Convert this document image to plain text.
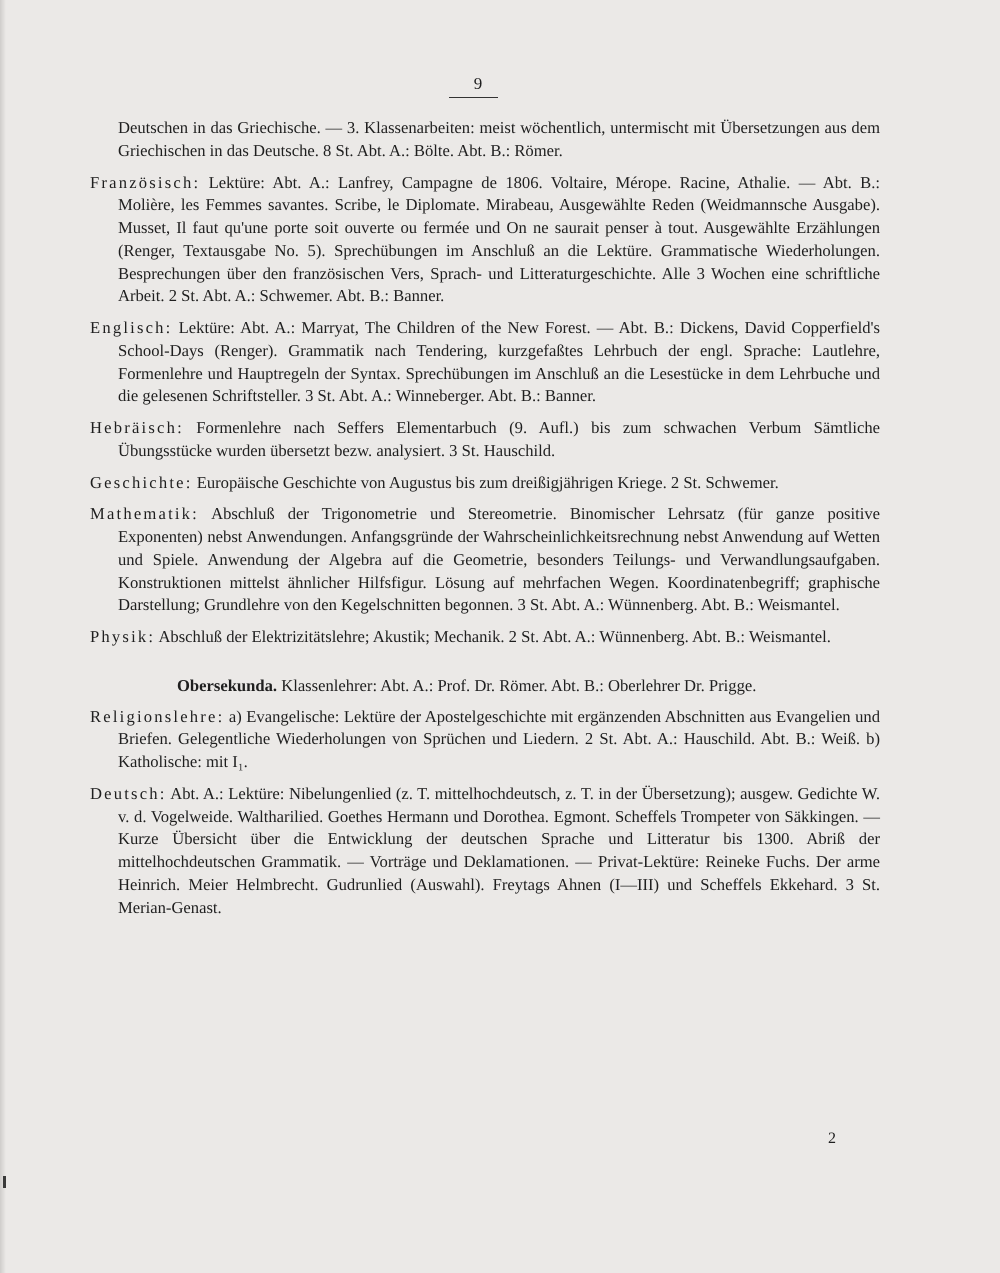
9

Deutschen in das Griechische. — 3. Klassenarbeiten: meist wöchentlich, untermischt mit Übersetzungen aus dem Griechischen in das Deutsche. 8 St. Abt. A.: Bölte. Abt. B.: Römer.

Französisch: Lektüre: Abt. A.: Lanfrey, Campagne de 1806. Voltaire, Mérope. Racine, Athalie. — Abt. B.: Molière, les Femmes savantes. Scribe, le Diplomate. Mirabeau, Ausgewählte Reden (Weidmannsche Ausgabe). Musset, Il faut qu'une porte soit ouverte ou fermée und On ne saurait penser à tout. Ausgewählte Erzählungen (Renger, Textausgabe No. 5). Sprechübungen im Anschluß an die Lektüre. Grammatische Wiederholungen. Besprechungen über den französischen Vers, Sprach- und Litteraturgeschichte. Alle 3 Wochen eine schriftliche Arbeit. 2 St. Abt. A.: Schwemer. Abt. B.: Banner.

Englisch: Lektüre: Abt. A.: Marryat, The Children of the New Forest. — Abt. B.: Dickens, David Copperfield's School-Days (Renger). Grammatik nach Tendering, kurzgefaßtes Lehrbuch der engl. Sprache: Lautlehre, Formenlehre und Hauptregeln der Syntax. Sprechübungen im Anschluß an die Lesestücke in dem Lehrbuche und die gelesenen Schriftsteller. 3 St. Abt. A.: Winneberger. Abt. B.: Banner.

Hebräisch: Formenlehre nach Seffers Elementarbuch (9. Aufl.) bis zum schwachen Verbum Sämtliche Übungsstücke wurden übersetzt bezw. analysiert. 3 St. Hauschild.

Geschichte: Europäische Geschichte von Augustus bis zum dreißigjährigen Kriege. 2 St. Schwemer.

Mathematik: Abschluß der Trigonometrie und Stereometrie. Binomischer Lehrsatz (für ganze positive Exponenten) nebst Anwendungen. Anfangsgründe der Wahrscheinlichkeitsrechnung nebst Anwendung auf Wetten und Spiele. Anwendung der Algebra auf die Geometrie, besonders Teilungs- und Verwandlungsaufgaben. Konstruktionen mittelst ähnlicher Hilfsfigur. Lösung auf mehrfachen Wegen. Koordinatenbegriff; graphische Darstellung; Grundlehre von den Kegelschnitten begonnen. 3 St. Abt. A.: Wünnenberg. Abt. B.: Weismantel.

Physik: Abschluß der Elektrizitätslehre; Akustik; Mechanik. 2 St. Abt. A.: Wünnenberg. Abt. B.: Weismantel.

Obersekunda. Klassenlehrer: Abt. A.: Prof. Dr. Römer. Abt. B.: Oberlehrer Dr. Prigge.

Religionslehre: a) Evangelische: Lektüre der Apostelgeschichte mit ergänzenden Abschnitten aus Evangelien und Briefen. Gelegentliche Wiederholungen von Sprüchen und Liedern. 2 St. Abt. A.: Hauschild. Abt. B.: Weiß. b) Katholische: mit I₁.

Deutsch: Abt. A.: Lektüre: Nibelungenlied (z. T. mittelhochdeutsch, z. T. in der Übersetzung); ausgew. Gedichte W. v. d. Vogelweide. Waltharilied. Goethes Hermann und Dorothea. Egmont. Scheffels Trompeter von Säkkingen. — Kurze Übersicht über die Entwicklung der deutschen Sprache und Litteratur bis 1300. Abriß der mittelhochdeutschen Grammatik. — Vorträge und Deklamationen. — Privat-Lektüre: Reineke Fuchs. Der arme Heinrich. Meier Helmbrecht. Gudrunlied (Auswahl). Freytags Ahnen (I—III) und Scheffels Ekkehard. 3 St. Merian-Genast.

2
